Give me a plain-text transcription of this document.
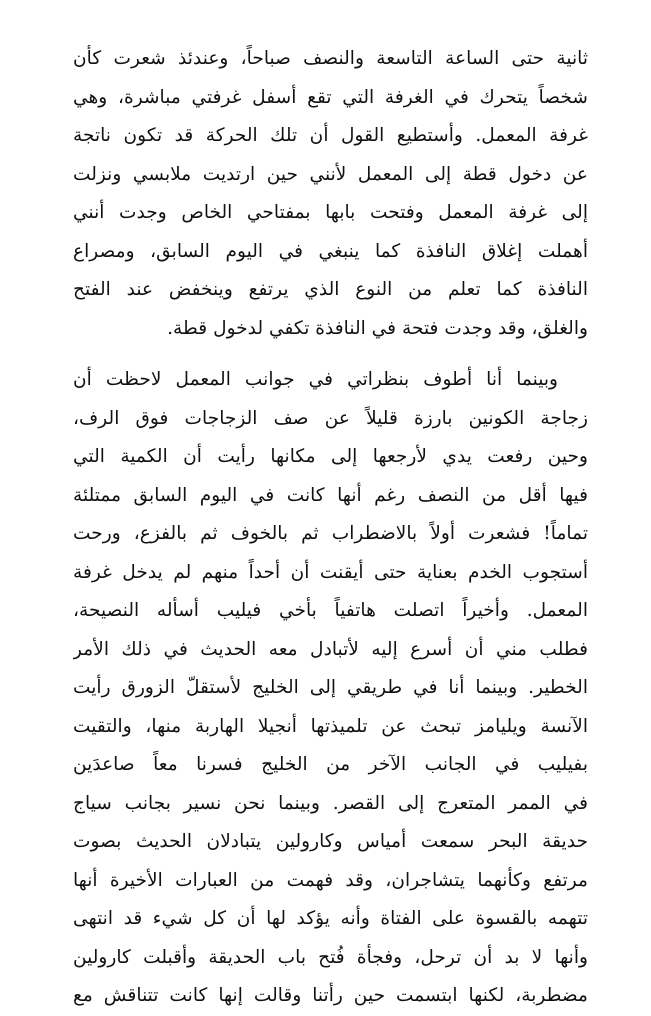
ثانية حتى الساعة التاسعة والنصف صباحاً، وعندئذ شعرت كأن
شخصاً يتحرك في الغرفة التي تقع أسفل غرفتي مباشرة، وهي
غرفة المعمل. وأستطيع القول أن تلك الحركة قد تكون ناتجة
عن دخول قطة إلى المعمل لأنني حين ارتديت ملابسي ونزلت
إلى غرفة المعمل وفتحت بابها بمفتاحي الخاص وجدت أنني
أهملت إغلاق النافذة كما ينبغي في اليوم السابق، ومصراع
النافذة كما تعلم من النوع الذي يرتفع وينخفض عند الفتح
والغلق، وقد وجدت فتحة في النافذة تكفي لدخول قطة.
وبينما أنا أطوف بنظراتي في جوانب المعمل لاحظت أن
زجاجة الكونين بارزة قليلاً عن صف الزجاجات فوق الرف،
وحين رفعت يدي لأرجعها إلى مكانها رأيت أن الكمية التي
فيها أقل من النصف رغم أنها كانت في اليوم السابق ممتلئة
تماماً! فشعرت أولاً بالاضطراب ثم بالخوف ثم بالفزع، ورحت
أستجوب الخدم بعناية حتى أيقنت أن أحداً منهم لم يدخل غرفة
المعمل. وأخيراً اتصلت هاتفياً بأخي فيليب أسأله النصيحة،
فطلب مني أن أسرع إليه لأتبادل معه الحديث في ذلك الأمر
الخطير. وبينما أنا في طريقي إلى الخليج لأستقلّ الزورق رأيت
الآنسة ويليامز تبحث عن تلميذتها أنجيلا الهاربة منها، والتقيت
بفيليب في الجانب الآخر من الخليج فسرنا معاً صاعدَين
في الممر المتعرج إلى القصر. وبينما نحن نسير بجانب سياج
حديقة البحر سمعت أمياس وكارولين يتبادلان الحديث بصوت
مرتفع وكأنهما يتشاجران، وقد فهمت من العبارات الأخيرة أنها
تتهمه بالقسوة على الفتاة وأنه يؤكد لها أن كل شيء قد انتهى
وأنها لا بد أن ترحل، وفجأة فُتح باب الحديقة وأقبلت كارولين
مضطربة، لكنها ابتسمت حين رأتنا وقالت إنها كانت تتناقش مع
